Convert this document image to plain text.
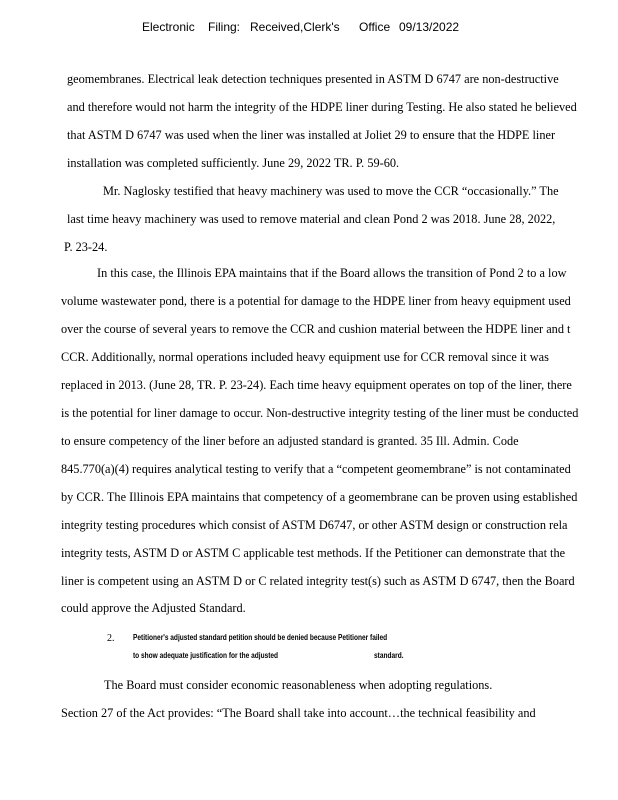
Electronic Filing: Received,Clerk's Office 09/13/2022
geomembranes. Electrical leak detection techniques presented in ASTM D 6747 are non-destructive
and therefore would not harm the integrity of the HDPE liner during Testing. He also stated he believed
that ASTM D 6747 was used when the liner was installed at Joliet 29 to ensure that the HDPE liner
installation was completed sufficiently. June 29, 2022 TR. P. 59-60.
Mr. Naglosky testified that heavy machinery was used to move the CCR “occasionally.” The
last time heavy machinery was used to remove material and clean Pond 2 was 2018. June 28, 2022,
P. 23-24.
In this case, the Illinois EPA maintains that if the Board allows the transition of Pond 2 to a low
volume wastewater pond, there is a potential for damage to the HDPE liner from heavy equipment used
over the course of several years to remove the CCR and cushion material between the HDPE liner and t
CCR. Additionally, normal operations included heavy equipment use for CCR removal since it was
replaced in 2013. (June 28, TR. P. 23-24). Each time heavy equipment operates on top of the liner, there
is the potential for liner damage to occur. Non-destructive integrity testing of the liner must be conducted
to ensure competency of the liner before an adjusted standard is granted. 35 Ill. Admin. Code
845.770(a)(4) requires analytical testing to verify that a “competent geomembrane” is not contaminated
by CCR. The Illinois EPA maintains that competency of a geomembrane can be proven using established
integrity testing procedures which consist of ASTM D6747, or other ASTM design or construction rela
integrity tests, ASTM D or ASTM C applicable test methods. If the Petitioner can demonstrate that the
liner is competent using an ASTM D or C related integrity test(s) such as ASTM D 6747, then the Board
could approve the Adjusted Standard.
2. Petitioner's adjusted standard petition should be denied because Petitioner failed
to show adequate justification for the adjusted	standard.
The Board must consider economic reasonableness when adopting regulations.
Section 27 of the Act provides: “The Board shall take into account…the technical feasibility and
